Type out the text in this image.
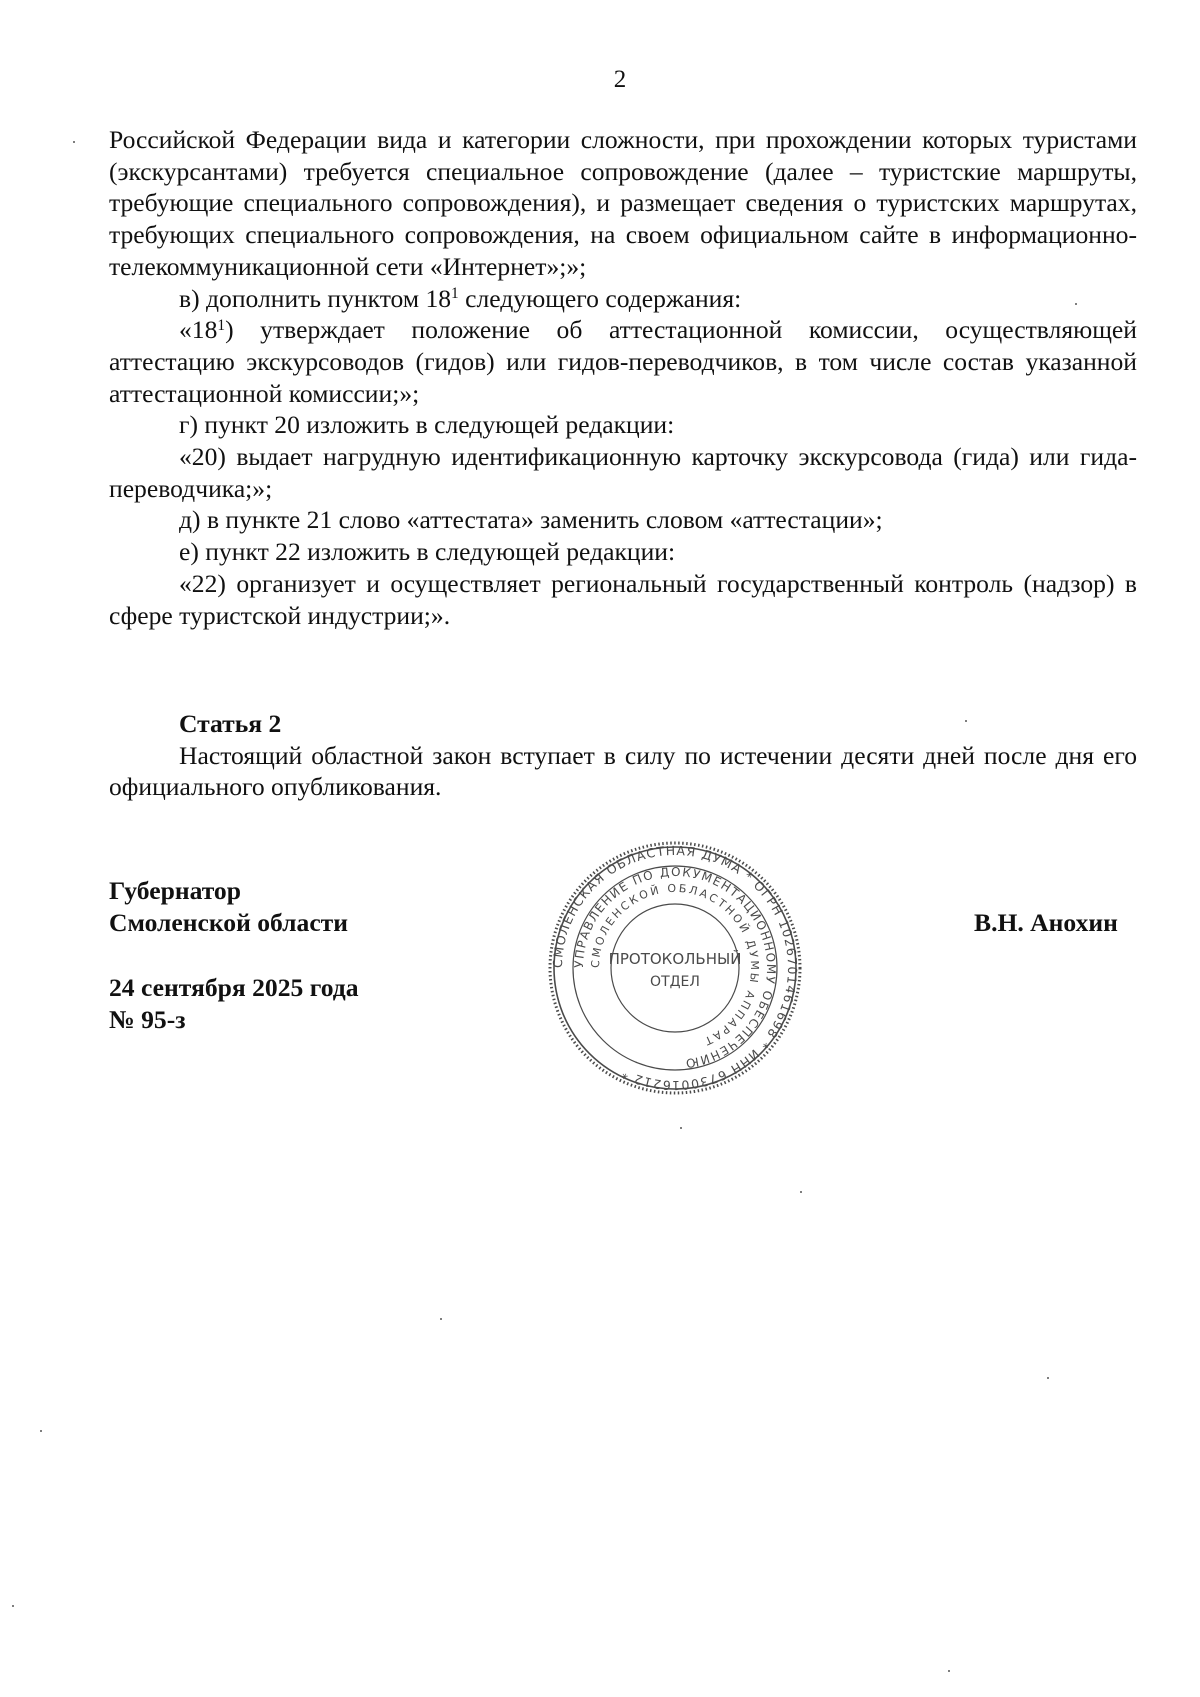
2

Российской Федерации вида и категории сложности, при прохождении которых туристами (экскурсантами) требуется специальное сопровождение (далее – туристские маршруты, требующие специального сопровождения), и размещает сведения о туристских маршрутах, требующих специального сопровождения, на своем официальном сайте в информационно-телекоммуникационной сети «Интернет»;»;

в) дополнить пунктом $18^1$ следующего содержания:

«$18^1$) утверждает положение об аттестационной комиссии, осуществляющей аттестацию экскурсоводов (гидов) или гидов-переводчиков, в том числе состав указанной аттестационной комиссии;»;

г) пункт 20 изложить в следующей редакции:

«20) выдает нагрудную идентификационную карточку экскурсовода (гида) или гида-переводчика;»;

д) в пункте 21 слово «аттестата» заменить словом «аттестации»;

е) пункт 22 изложить в следующей редакции:

«22) организует и осуществляет региональный государственный контроль (надзор) в сфере туристской индустрии;».

Статья 2

Настоящий областной закон вступает в силу по истечении десяти дней после дня его официального опубликования.

Губернатор

Смоленской области	В.Н. Анохин

24 сентября 2025 года

№ 95-з

СМОЛЕНСКАЯ ОБЛАСТНАЯ ДУМА * ОГРН 1026701461698 * ИНН 6730016212 *
УПРАВЛЕНИЕ ПО ДОКУМЕНТАЦИОННОМУ ОБЕСПЕЧЕНИЮ
СМОЛЕНСКОЙ ОБЛАСТНОЙ ДУМЫ АППАРАТ
ПРОТОКОЛЬНЫЙ
ОТДЕЛ
